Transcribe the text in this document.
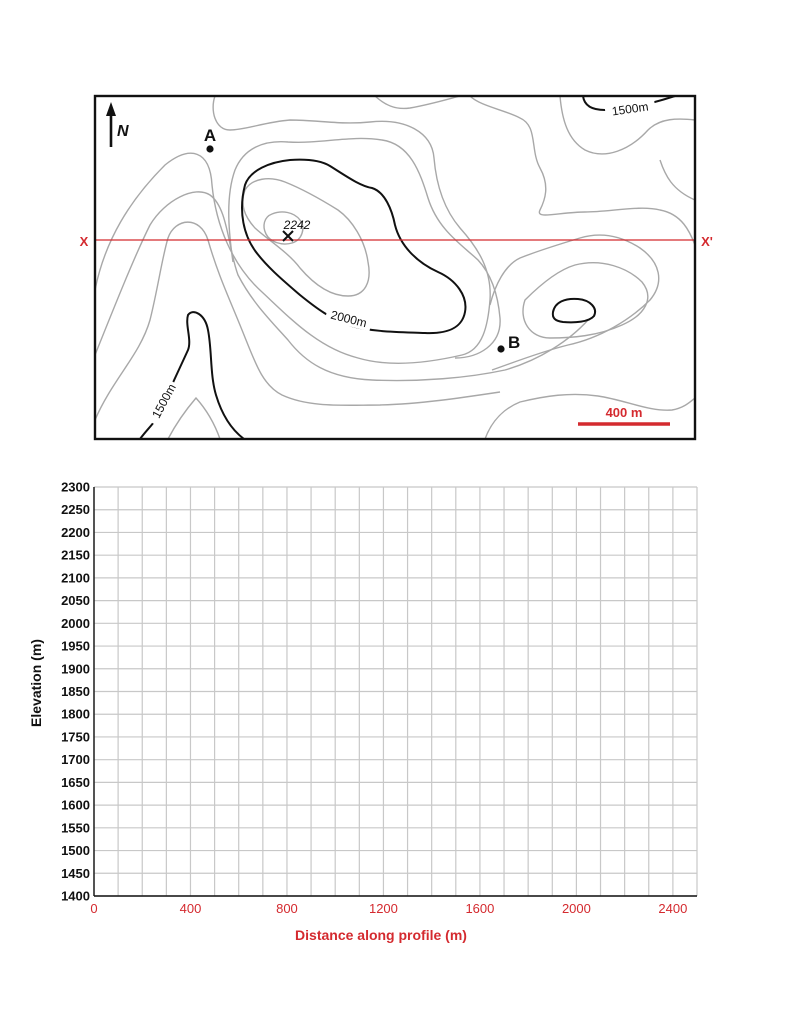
1500m
2000m
1500m
X	X'
N	A
B
2242
400 m
2300
2250
2200
2150
2100
2050
2000
1950
1900
1850
1800
1750
1700
1650
1600
1550
1500
1450
1400
0	400	800	1200	1600	2000	2400
Elevation (m)
Distance along profile (m)
